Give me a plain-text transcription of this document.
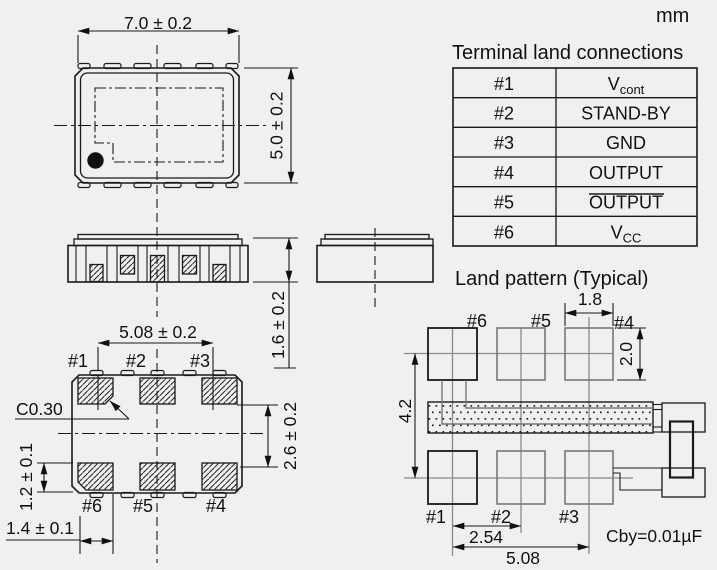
7.0 ± 0.2
5.0 ± 0.2
1.6 ± 0.2
5.08 ± 0.2
#1 #2 #3
#6 #5	#4
C0.30	2.6 ± 0.2
1.2 ± 0.1
1.4 ± 0.1
mm
Terminal land connections
#1	$V_{cont}$
#2	STAND-BY
#3	GND
#4	OUTPUT
#5	OUTPUT
#6	$V_{CC}$
Land pattern (Typical)
#6 #5	#4
#1 #2	#3
1.8
2.0
4.2
2.54
5.08
Cby=0.01µF
